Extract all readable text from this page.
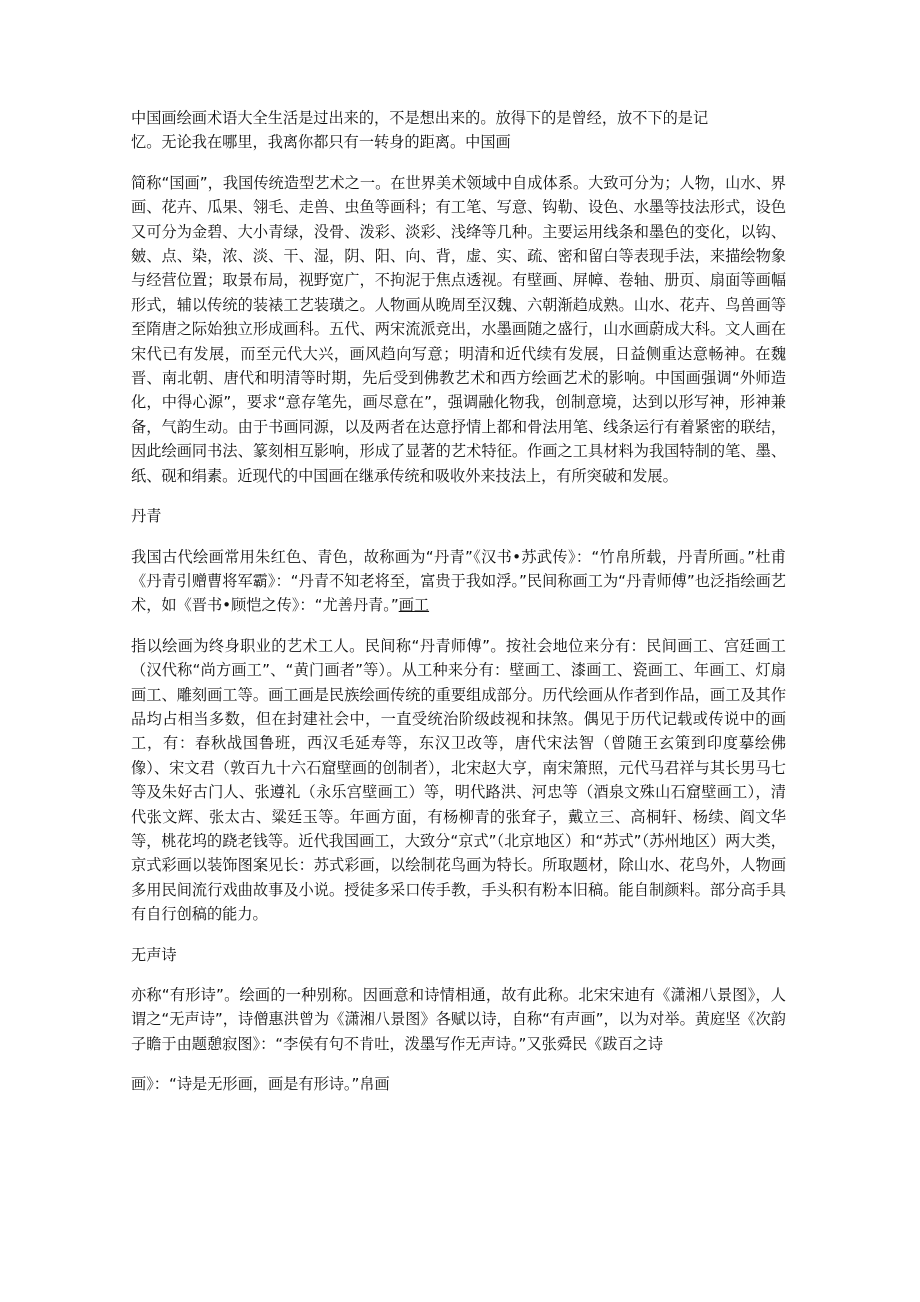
中国画绘画术语大全生活是过出来的，不是想出来的。放得下的是曾经，放不下的是记
忆。无论我在哪里，我离你都只有一转身的距离。中国画

简称“国画”，我国传统造型艺术之一。在世界美术领域中自成体系。大致可分为；人物，山水、界画、花卉、瓜果、翎毛、走兽、虫鱼等画科；有工笔、写意、钩勒、设色、水墨等技法形式，设色又可分为金碧、大小青绿，没骨、泼彩、淡彩、浅绛等几种。主要运用线条和墨色的变化，以钩、皴、点、染，浓、淡、干、湿，阴、阳、向、背，虚、实、疏、密和留白等表现手法，来描绘物象与经营位置；取景布局，视野宽广，不拘泥于焦点透视。有壁画、屏幛、卷轴、册页、扇面等画幅形式，辅以传统的装裱工艺装璜之。人物画从晚周至汉魏、六朝渐趋成熟。山水、花卉、鸟兽画等至隋唐之际始独立形成画科。五代、两宋流派竞出，水墨画随之盛行，山水画蔚成大科。文人画在宋代已有发展，而至元代大兴，画风趋向写意；明清和近代续有发展，日益侧重达意畅神。在魏晋、南北朝、唐代和明清等时期，先后受到佛教艺术和西方绘画艺术的影响。中国画强调“外师造化，中得心源”，要求“意存笔先，画尽意在”，强调融化物我，创制意境，达到以形写神，形神兼备，气韵生动。由于书画同源，以及两者在达意抒情上都和骨法用笔、线条运行有着紧密的联结，因此绘画同书法、篆刻相互影响，形成了显著的艺术特征。作画之工具材料为我国特制的笔、墨、纸、砚和绢素。近现代的中国画在继承传统和吸收外来技法上，有所突破和发展。

丹青

我国古代绘画常用朱红色、青色，故称画为“丹青”《汉书•苏武传》：“竹帛所载，丹青所画。”杜甫《丹青引赠曹将军霸》：“丹青不知老将至，富贵于我如浮。”民间称画工为“丹青师傅”也泛指绘画艺术，如《晋书•顾恺之传》：“尤善丹青。”画工

指以绘画为终身职业的艺术工人。民间称“丹青师傅”。按社会地位来分有：民间画工、宫廷画工（汉代称“尚方画工”、“黄门画者”等）。从工种来分有：壁画工、漆画工、瓷画工、年画工、灯扇画工、雕刻画工等。画工画是民族绘画传统的重要组成部分。历代绘画从作者到作品，画工及其作品均占相当多数，但在封建社会中，一直受统治阶级歧视和抹煞。偶见于历代记载或传说中的画工，有：春秋战国鲁班，西汉毛延寿等，东汉卫改等，唐代宋法智（曾随王玄策到印度摹绘佛像）、宋文君（敦百九十六石窟壁画的创制者），北宋赵大亨，南宋箫照，元代马君祥与其长男马七等及朱好古门人、张遵礼（永乐宫壁画工）等，明代路洪、河忠等（酒泉文殊山石窟壁画工），清代张文辉、张太古、粱廷玉等。年画方面，有杨柳青的张耷子，戴立三、高桐轩、杨续、阎文华等，桃花坞的跷老钱等。近代我国画工，大致分“京式”（北京地区）和“苏式”（苏州地区）两大类，京式彩画以装饰图案见长：苏式彩画，以绘制花鸟画为特长。所取题材，除山水、花鸟外，人物画多用民间流行戏曲故事及小说。授徒多采口传手教，手头积有粉本旧稿。能自制颜料。部分高手具有自行创稿的能力。

无声诗

亦称“有形诗”。绘画的一种别称。因画意和诗情相通，故有此称。北宋宋迪有《潇湘八景图》，人谓之“无声诗”，诗僧惠洪曾为《潇湘八景图》各赋以诗，自称“有声画”，以为对举。黄庭坚《次韵子瞻于由题憩寂图》：“李侯有句不肯吐，泼墨写作无声诗。”又张舜民《跋百之诗

画》：“诗是无形画，画是有形诗。”帛画
